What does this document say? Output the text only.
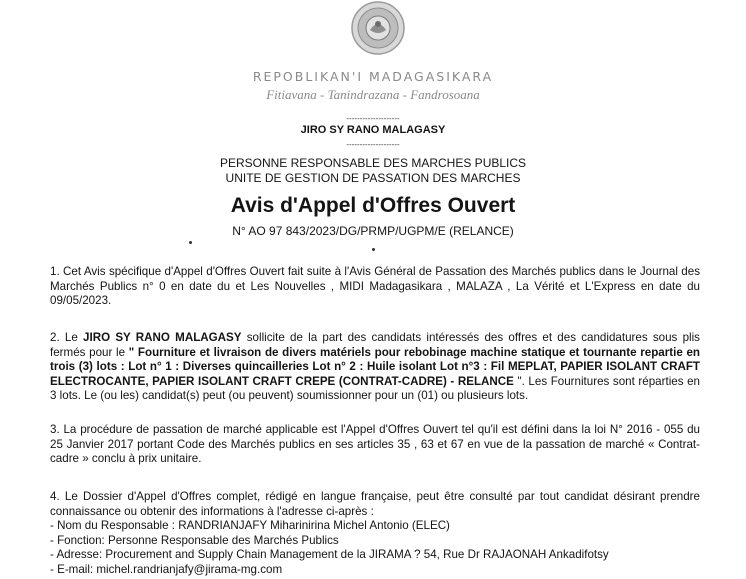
REPOBLIKAN'I MADAGASIKARA
Fitiavana - Tanindrazana - Fandrosoana
--------------------
JIRO SY RANO MALAGASY
--------------------
PERSONNE RESPONSABLE DES MARCHES PUBLICS
UNITE DE GESTION DE PASSATION DES MARCHES
Avis d'Appel d'Offres Ouvert
N° AO 97 843/2023/DG/PRMP/UGPM/E (RELANCE)

1. Cet Avis spécifique d'Appel d'Offres Ouvert fait suite à l'Avis Général de Passation des Marchés publics dans le Journal des Marchés Publics n° 0 en date du et Les Nouvelles , MIDI Madagasikara , MALAZA , La Vérité et L'Express en date du 09/05/2023.

2. Le JIRO SY RANO MALAGASY sollicite de la part des candidats intéressés des offres et des candidatures sous plis fermés pour le " Fourniture et livraison de divers matériels pour rebobinage machine statique et tournante repartie en trois (3) lots : Lot n° 1 : Diverses quincailleries Lot n° 2 : Huile isolant Lot n°3 : Fil MEPLAT, PAPIER ISOLANT CRAFT ELECTROCANTE, PAPIER ISOLANT CRAFT CREPE (CONTRAT-CADRE) - RELANCE ". Les Fournitures sont réparties en 3 lots. Le (ou les) candidat(s) peut (ou peuvent) soumissionner pour un (01) ou plusieurs lots.

3. La procédure de passation de marché applicable est l'Appel d'Offres Ouvert tel qu'il est défini dans la loi N° 2016 - 055 du 25 Janvier 2017 portant Code des Marchés publics en ses articles 35 , 63 et 67 en vue de la passation de marché « Contrat-cadre » conclu à prix unitaire.

4. Le Dossier d'Appel d'Offres complet, rédigé en langue française, peut être consulté par tout candidat désirant prendre connaissance ou obtenir des informations à l'adresse ci-après :

- Nom du Responsable : RANDRIANJAFY Miharinirina Michel Antonio (ELEC)
- Fonction: Personne Responsable des Marchés Publics
- Adresse: Procurement and Supply Chain Management de la JIRAMA ? 54, Rue Dr RAJAONAH Ankadifotsy
- E-mail: michel.randrianjafy@jirama-mg.com
